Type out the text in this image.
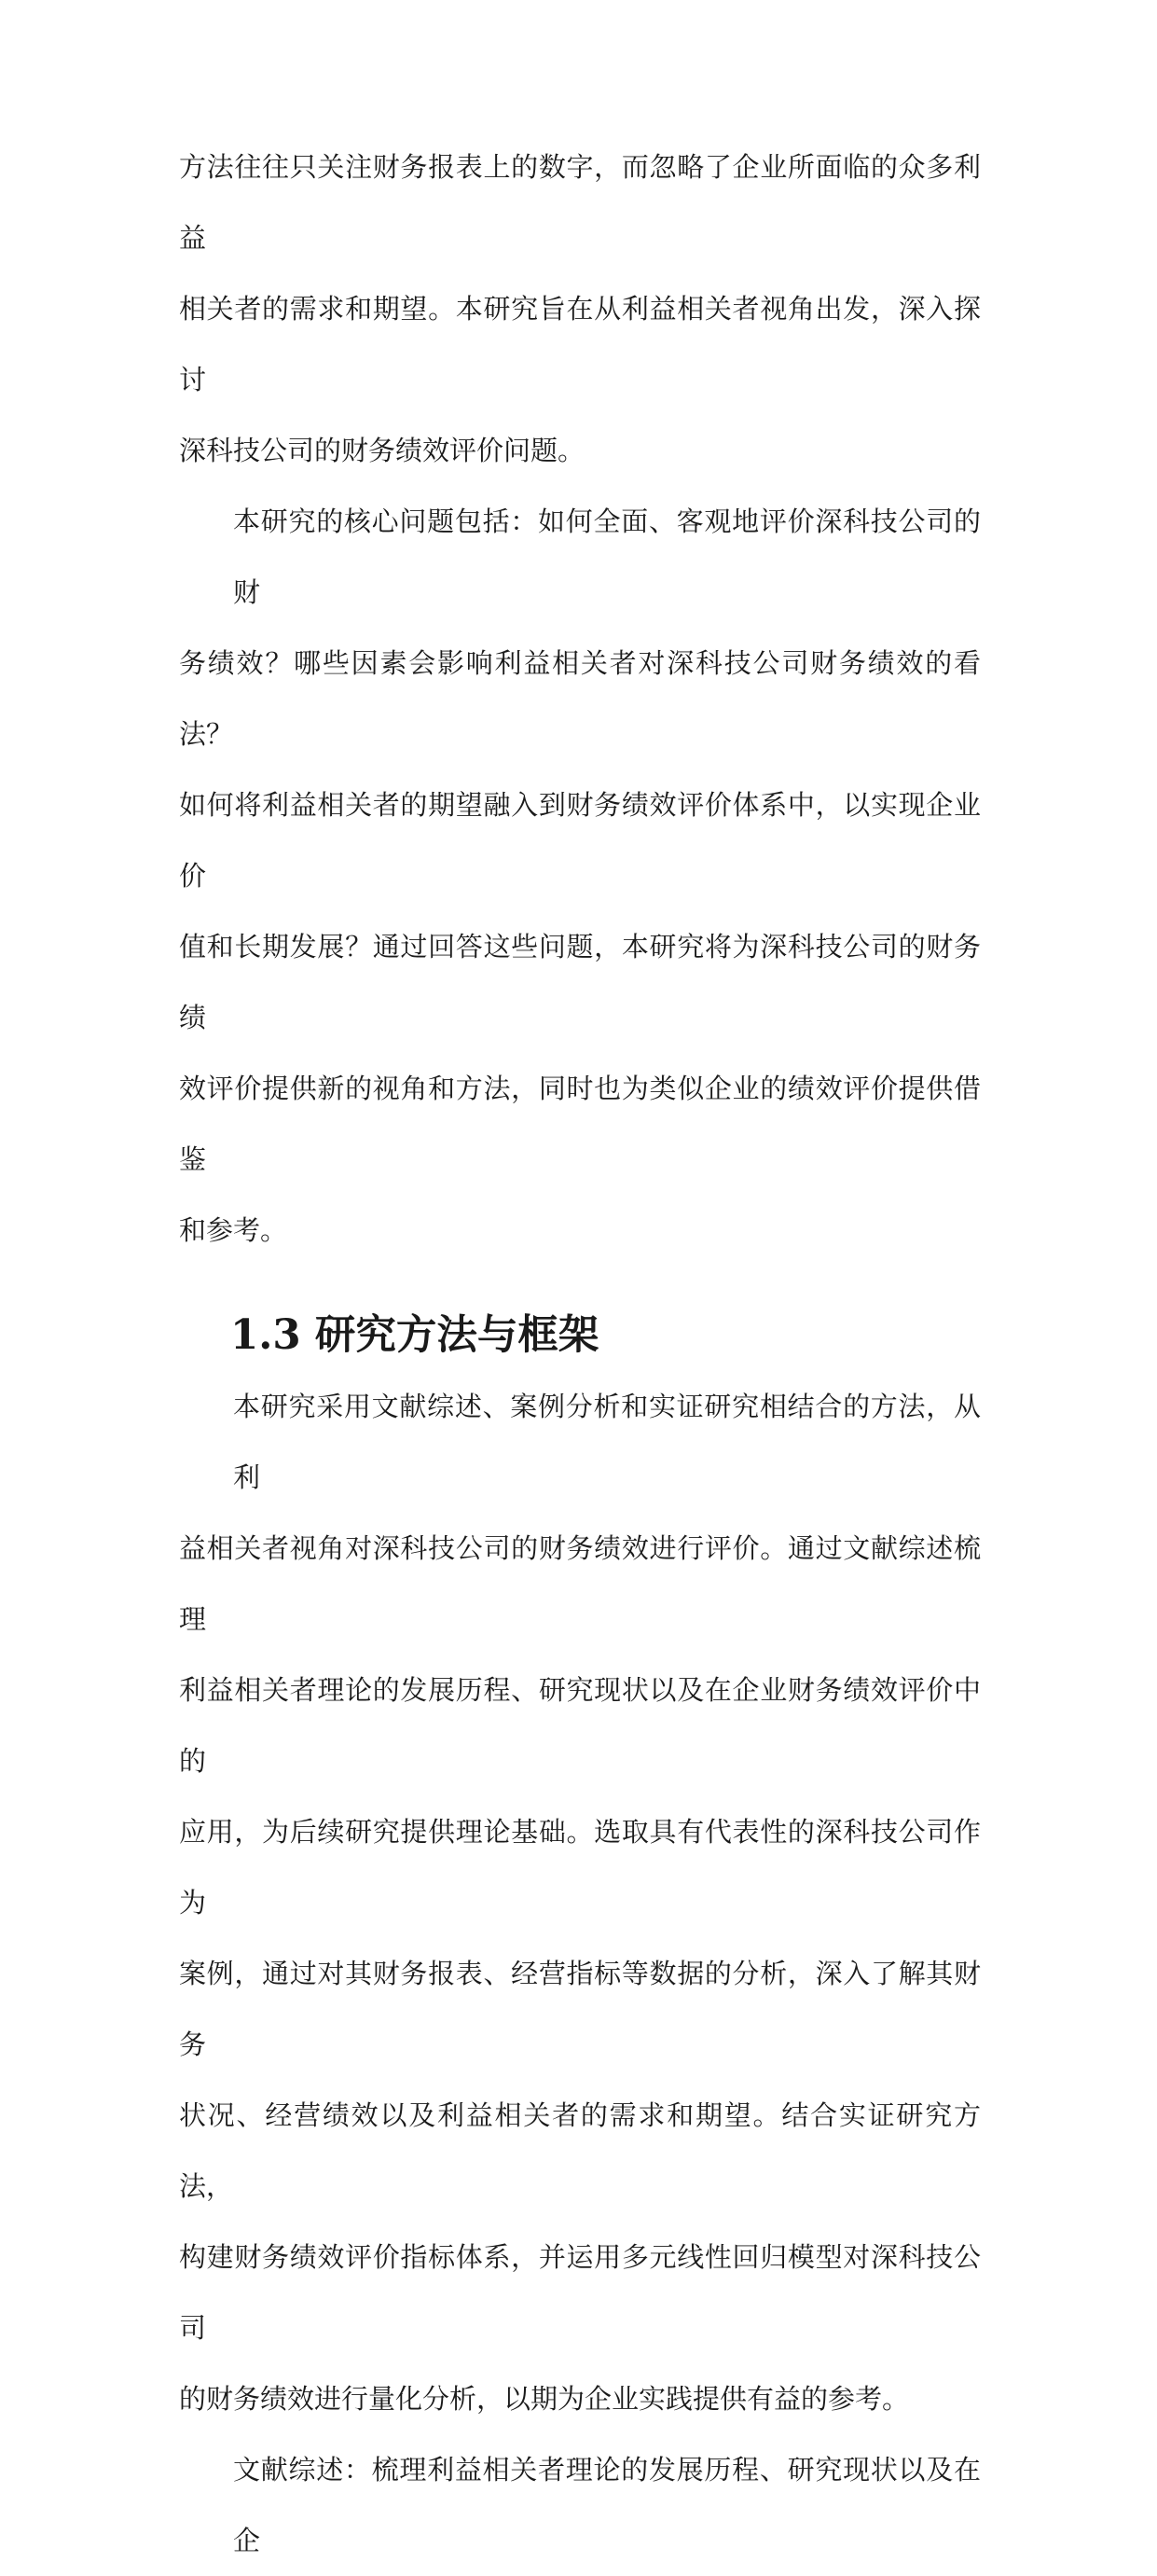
方法往往只关注财务报表上的数字，而忽略了企业所面临的众多利益
相关者的需求和期望。本研究旨在从利益相关者视角出发，深入探讨
深科技公司的财务绩效评价问题。

本研究的核心问题包括：如何全面、客观地评价深科技公司的财
务绩效？哪些因素会影响利益相关者对深科技公司财务绩效的看法？
如何将利益相关者的期望融入到财务绩效评价体系中，以实现企业价
值和长期发展？通过回答这些问题，本研究将为深科技公司的财务绩
效评价提供新的视角和方法，同时也为类似企业的绩效评价提供借鉴
和参考。

1.3 研究方法与框架

本研究采用文献综述、案例分析和实证研究相结合的方法，从利
益相关者视角对深科技公司的财务绩效进行评价。通过文献综述梳理
利益相关者理论的发展历程、研究现状以及在企业财务绩效评价中的
应用，为后续研究提供理论基础。选取具有代表性的深科技公司作为
案例，通过对其财务报表、经营指标等数据的分析，深入了解其财务
状况、经营绩效以及利益相关者的需求和期望。结合实证研究方法，
构建财务绩效评价指标体系，并运用多元线性回归模型对深科技公司
的财务绩效进行量化分析，以期为企业实践提供有益的参考。

文献综述：梳理利益相关者理论的发展历程、研究现状以及在企
